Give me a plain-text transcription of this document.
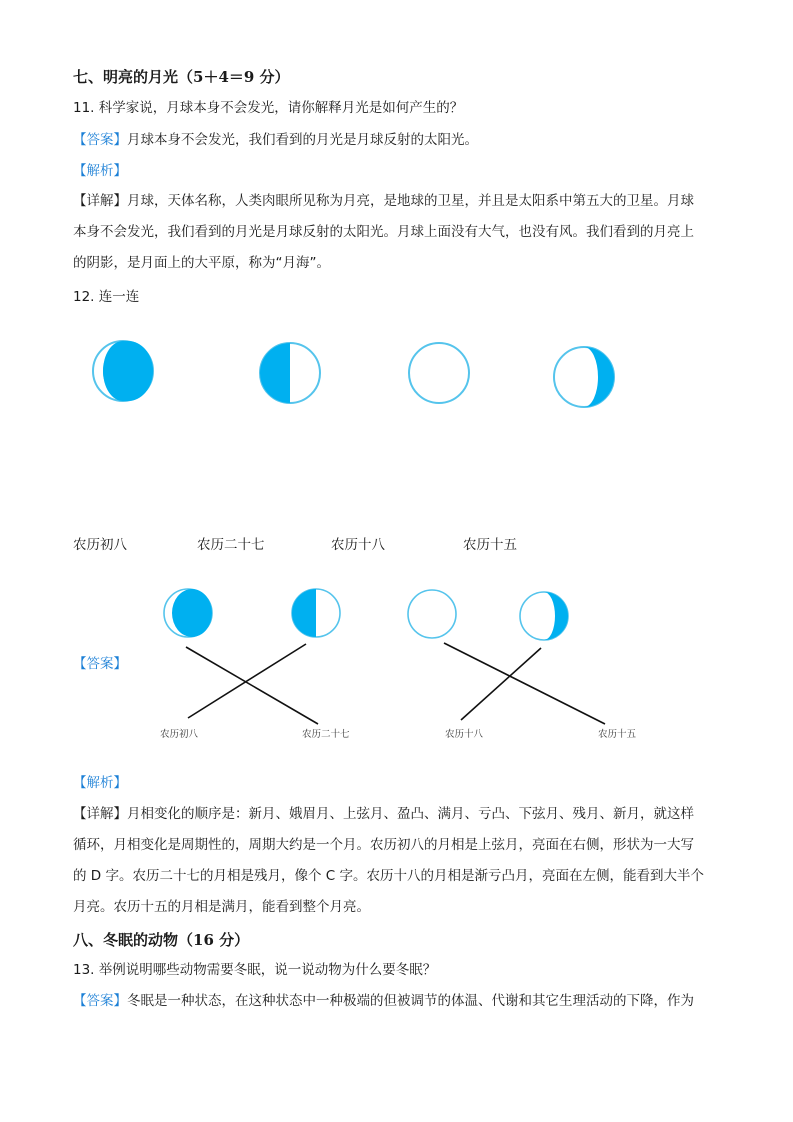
七、明亮的月光（5＋4＝9 分）
11. 科学家说，月球本身不会发光，请你解释月光是如何产生的？
【答案】月球本身不会发光，我们看到的月光是月球反射的太阳光。
【解析】
【详解】月球，天体名称，人类肉眼所见称为月亮，是地球的卫星，并且是太阳系中第五大的卫星。月球
本身不会发光，我们看到的月光是月球反射的太阳光。月球上面没有大气，也没有风。我们看到的月亮上
的阴影，是月面上的大平原，称为“月海”。
12. 连一连
农历初八	农历二十七	农历十八	农历十五
【答案】
农历初八	农历二十七	农历十八	农历十五
【解析】
【详解】月相变化的顺序是：新月、娥眉月、上弦月、盈凸、满月、亏凸、下弦月、残月、新月，就这样
循环，月相变化是周期性的，周期大约是一个月。农历初八的月相是上弦月，亮面在右侧，形状为一大写
的 D 字。农历二十七的月相是残月，像个 C 字。农历十八的月相是渐亏凸月，亮面在左侧，能看到大半个
月亮。农历十五的月相是满月，能看到整个月亮。
八、冬眠的动物（16 分）
13. 举例说明哪些动物需要冬眠，说一说动物为什么要冬眠？
【答案】冬眠是一种状态，在这种状态中一种极端的但被调节的体温、代谢和其它生理活动的下降，作为
